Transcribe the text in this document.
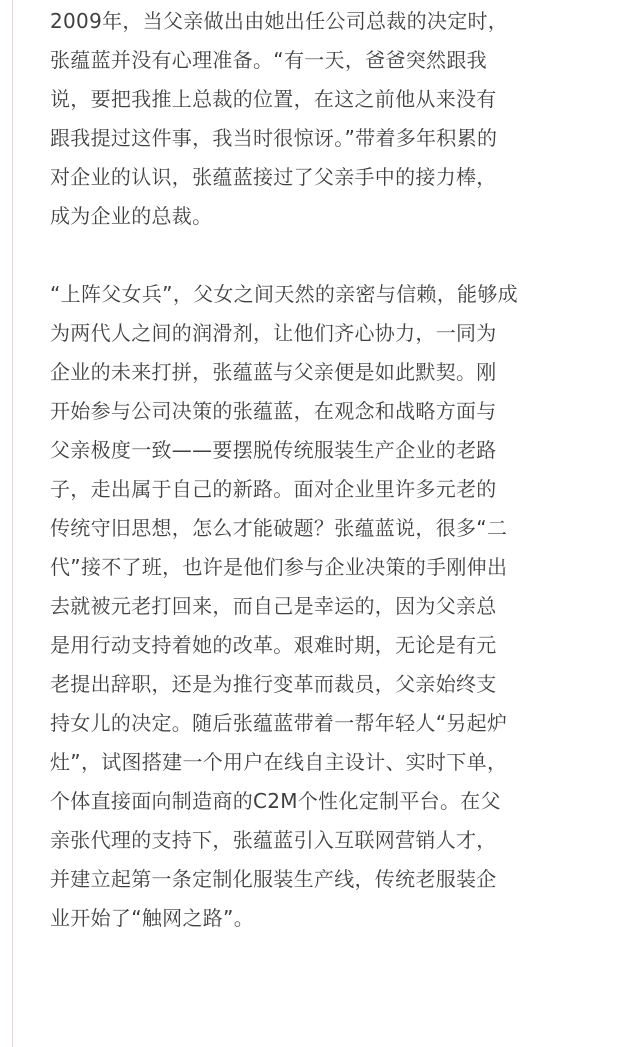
2009年，当父亲做出由她出任公司总裁的决定时，
张蕴蓝并没有心理准备。“有一天，爸爸突然跟我
说，要把我推上总裁的位置，在这之前他从来没有
跟我提过这件事，我当时很惊讶。”带着多年积累的
对企业的认识，张蕴蓝接过了父亲手中的接力棒，
成为企业的总裁。

“上阵父女兵”，父女之间天然的亲密与信赖，能够成
为两代人之间的润滑剂，让他们齐心协力，一同为
企业的未来打拼，张蕴蓝与父亲便是如此默契。刚
开始参与公司决策的张蕴蓝，在观念和战略方面与
父亲极度一致——要摆脱传统服装生产企业的老路
子，走出属于自己的新路。面对企业里许多元老的
传统守旧思想，怎么才能破题？张蕴蓝说，很多“二
代”接不了班，也许是他们参与企业决策的手刚伸出
去就被元老打回来，而自己是幸运的，因为父亲总
是用行动支持着她的改革。艰难时期，无论是有元
老提出辞职，还是为推行变革而裁员，父亲始终支
持女儿的决定。随后张蕴蓝带着一帮年轻人“另起炉
灶”，试图搭建一个用户在线自主设计、实时下单，
个体直接面向制造商的C2M个性化定制平台。在父
亲张代理的支持下，张蕴蓝引入互联网营销人才，
并建立起第一条定制化服装生产线，传统老服装企
业开始了“触网之路”。
